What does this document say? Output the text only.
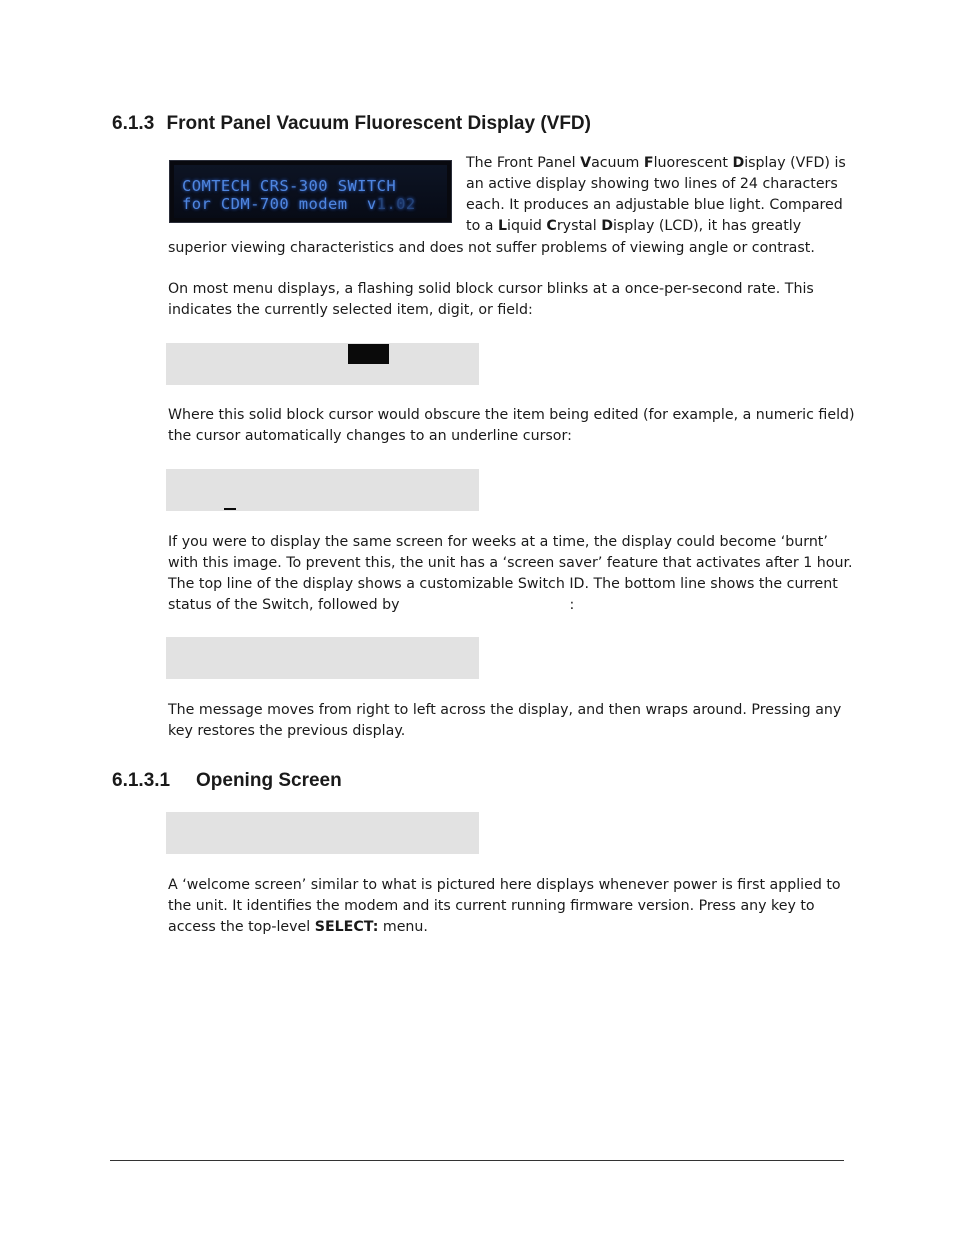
6.1.3 Front Panel Vacuum Fluorescent Display (VFD)
COMTECH CRS-300 SWITCH
for CDM-700 modem  v1.02

The Front Panel Vacuum Fluorescent Display (VFD) is
an active display showing two lines of 24 characters
each. It produces an adjustable blue light. Compared
to a Liquid Crystal Display (LCD), it has greatly

superior viewing characteristics and does not suffer problems of viewing angle or contrast.

On most menu displays, a flashing solid block cursor blinks at a once-per-second rate. This
indicates the currently selected item, digit, or field:

Where this solid block cursor would obscure the item being edited (for example, a numeric field)
the cursor automatically changes to an underline cursor:

If you were to display the same screen for weeks at a time, the display could become ‘burnt’
with this image. To prevent this, the unit has a ‘screen saver’ feature that activates after 1 hour.
The top line of the display shows a customizable Switch ID. The bottom line shows the current
status of the Switch, followed by	:

The message moves from right to left across the display, and then wraps around. Pressing any
key restores the previous display.

6.1.3.1 Opening Screen

A ‘welcome screen’ similar to what is pictured here displays whenever power is first applied to
the unit. It identifies the modem and its current running firmware version. Press any key to
access the top-level SELECT: menu.
